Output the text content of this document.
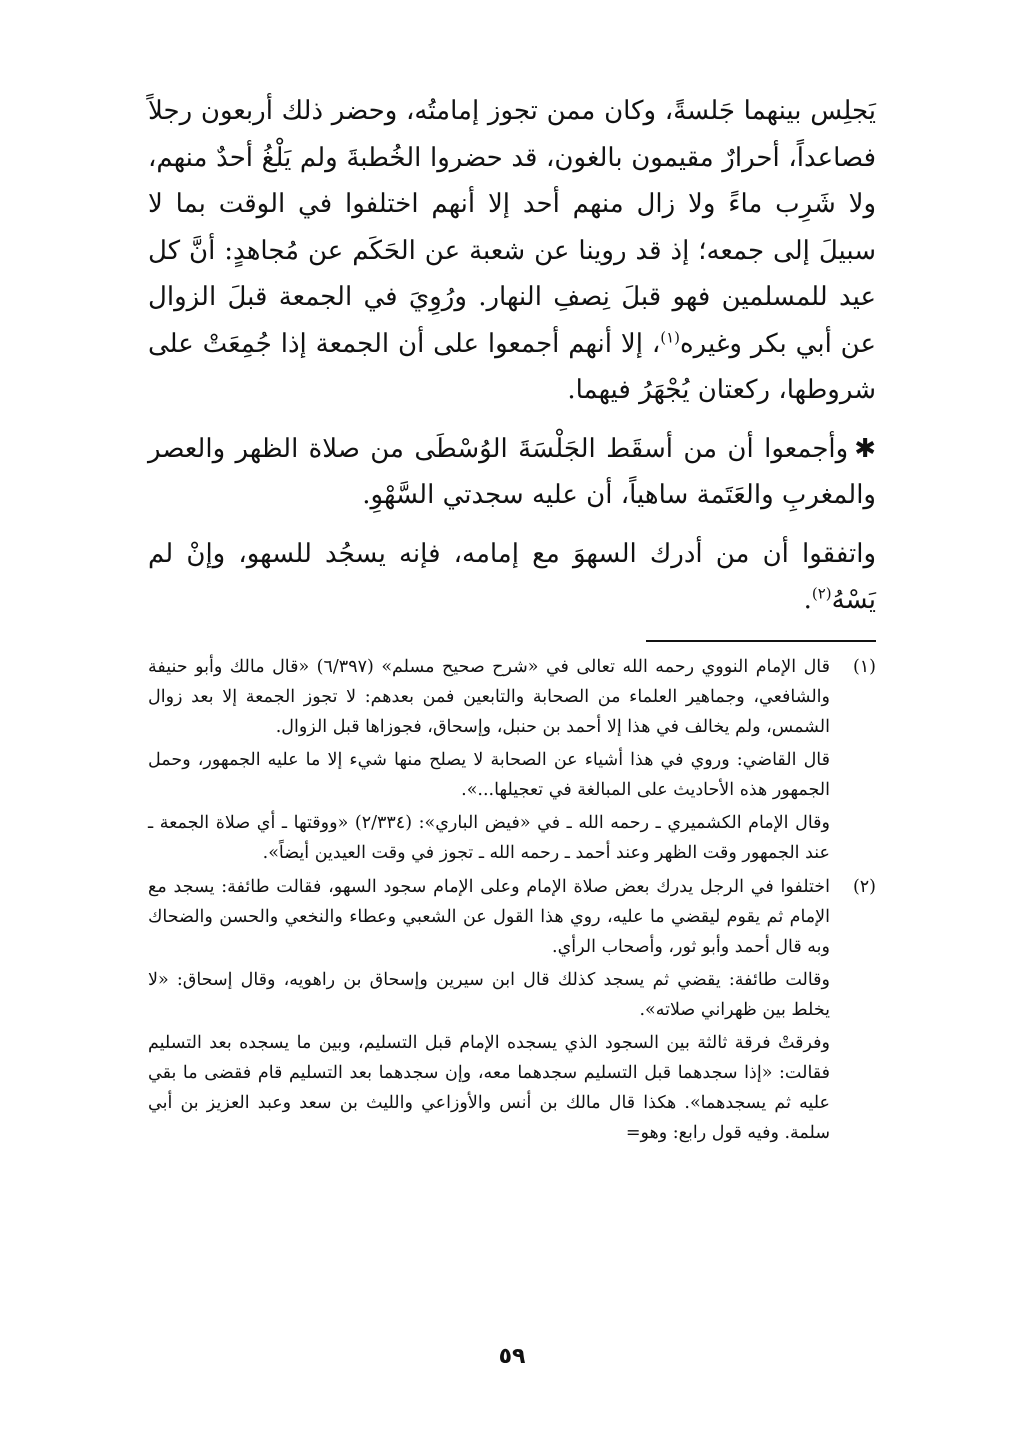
يَجلِس بينهما جَلسةً، وكان ممن تجوز إمامتُه، وحضر ذلك أربعون رجلاً فصاعداً، أحرارٌ مقيمون بالغون، قد حضروا الخُطبةَ ولم يَلْغُ أحدٌ منهم، ولا شَرِب ماءً ولا زال منهم أحد إلا أنهم اختلفوا في الوقت بما لا سبيلَ إلى جمعه؛ إذ قد روينا عن شعبة عن الحَكَم عن مُجاهدٍ: أنَّ كل عيد للمسلمين فهو قبلَ نِصفِ النهار. ورُوِيَ في الجمعة قبلَ الزوال عن أبي بكر وغيره$^{(١)}$، إلا أنهم أجمعوا على أن الجمعة إذا جُمِعَتْ على شروطها، ركعتان يُجْهَرُ فيهما.

✱وأجمعوا أن من أسقَط الجَلْسَةَ الوُسْطَى من صلاة الظهر والعصر والمغربِ والعَتَمة ساهياً، أن عليه سجدتي السَّهْوِ.

واتفقوا أن من أدرك السهوَ مع إمامه، فإنه يسجُد للسهو، وإنْ لم يَسْهُ$^{(٢)}$.

(١)

قال الإمام النووي رحمه الله تعالى في «شرح صحيح مسلم» (٦/٣٩٧) «قال مالك وأبو حنيفة والشافعي، وجماهير العلماء من الصحابة والتابعين فمن بعدهم: لا تجوز الجمعة إلا بعد زوال الشمس، ولم يخالف في هذا إلا أحمد بن حنبل، وإسحاق، فجوزاها قبل الزوال.

قال القاضي: وروي في هذا أشياء عن الصحابة لا يصلح منها شيء إلا ما عليه الجمهور، وحمل الجمهور هذه الأحاديث على المبالغة في تعجيلها...».

وقال الإمام الكشميري ـ رحمه الله ـ في «فيض الباري»: (٢/٣٣٤) «ووقتها ـ أي صلاة الجمعة ـ عند الجمهور وقت الظهر وعند أحمد ـ رحمه الله ـ تجوز في وقت العيدين أيضاً».

(٢)

اختلفوا في الرجل يدرك بعض صلاة الإمام وعلى الإمام سجود السهو، فقالت طائفة: يسجد مع الإمام ثم يقوم ليقضي ما عليه، روي هذا القول عن الشعبي وعطاء والنخعي والحسن والضحاك وبه قال أحمد وأبو ثور، وأصحاب الرأي.

وقالت طائفة: يقضي ثم يسجد كذلك قال ابن سيرين وإسحاق بن راهويه، وقال إسحاق: «لا يخلط بين ظهراني صلاته».

وفرقتْ فرقة ثالثة بين السجود الذي يسجده الإمام قبل التسليم، وبين ما يسجده بعد التسليم فقالت: «إذا سجدهما قبل التسليم سجدهما معه، وإن سجدهما بعد التسليم قام فقضى ما بقي عليه ثم يسجدهما». هكذا قال مالك بن أنس والأوزاعي والليث بن سعد وعبد العزيز بن أبي سلمة. وفيه قول رابع: وهو=

٥٩
